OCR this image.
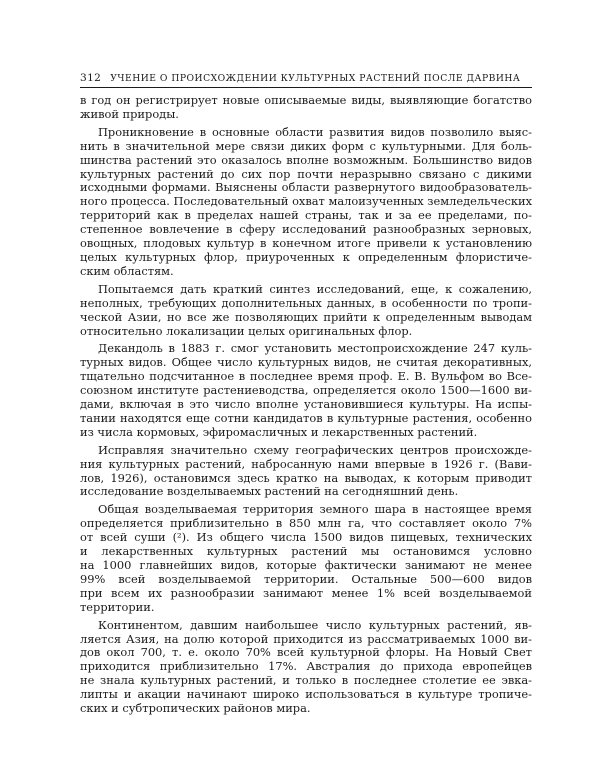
312 УЧЕНИЕ О ПРОИСХОЖДЕНИИ КУЛЬТУРНЫХ РАСТЕНИЙ ПОСЛЕ ДАРВИНА

в год он регистрирует новые описываемые виды, выявляющие богатство
живой природы.

Проникновение в основные области развития видов позволило выяс-
нить в значительной мере связи диких форм с культурными. Для боль-
шинства растений это оказалось вполне возможным. Большинство видов
культурных растений до сих пор почти неразрывно связано с дикими
исходными формами. Выяснены области развернутого видообразователь-
ного процесса. Последовательный охват малоизученных земледельческих
территорий как в пределах нашей страны, так и за ее пределами, по-
степенное вовлечение в сферу исследований разнообразных зерновых,
овощных, плодовых культур в конечном итоге привели к установлению
целых культурных флор, приуроченных к определенным флористиче-
ским областям.

Попытаемся дать краткий синтез исследований, еще, к сожалению,
неполных, требующих дополнительных данных, в особенности по тропи-
ческой Азии, но все же позволяющих прийти к определенным выводам
относительно локализации целых оригинальных флор.

Декандоль в 1883 г. смог установить местопроисхождение 247 куль-
турных видов. Общее число культурных видов, не считая декоративных,
тщательно подсчитанное в последнее время проф. Е. В. Вульфом во Все-
союзном институте растениеводства, определяется около 1500—1600 ви-
дами, включая в это число вполне установившиеся культуры. На испы-
тании находятся еще сотни кандидатов в культурные растения, особенно
из числа кормовых, эфиромасличных и лекарственных растений.

Исправляя значительно схему географических центров происхожде-
ния культурных растений, набросанную нами впервые в 1926 г. (Вави-
лов, 1926), остановимся здесь кратко на выводах, к которым приводит
исследование возделываемых растений на сегодняшний день.

Общая возделываемая территория земного шара в настоящее время
определяется приблизительно в 850 млн га, что составляет около 7%
от всей суши (²). Из общего числа 1500 видов пищевых, технических
и лекарственных культурных растений мы остановимся условно
на 1000 главнейших видов, которые фактически занимают не менее
99% всей возделываемой территории. Остальные 500—600 видов
при всем их разнообразии занимают менее 1% всей возделываемой
территории.

Континентом, давшим наибольшее число культурных растений, яв-
ляется Азия, на долю которой приходится из рассматриваемых 1000 ви-
дов окол 700, т. е. около 70% всей культурной флоры. На Новый Свет
приходится приблизительно 17%. Австралия до прихода европейцев
не знала культурных растений, и только в последнее столетие ее эвка-
липты и акации начинают широко использоваться в культуре тропиче-
ских и субтропических районов мира.
